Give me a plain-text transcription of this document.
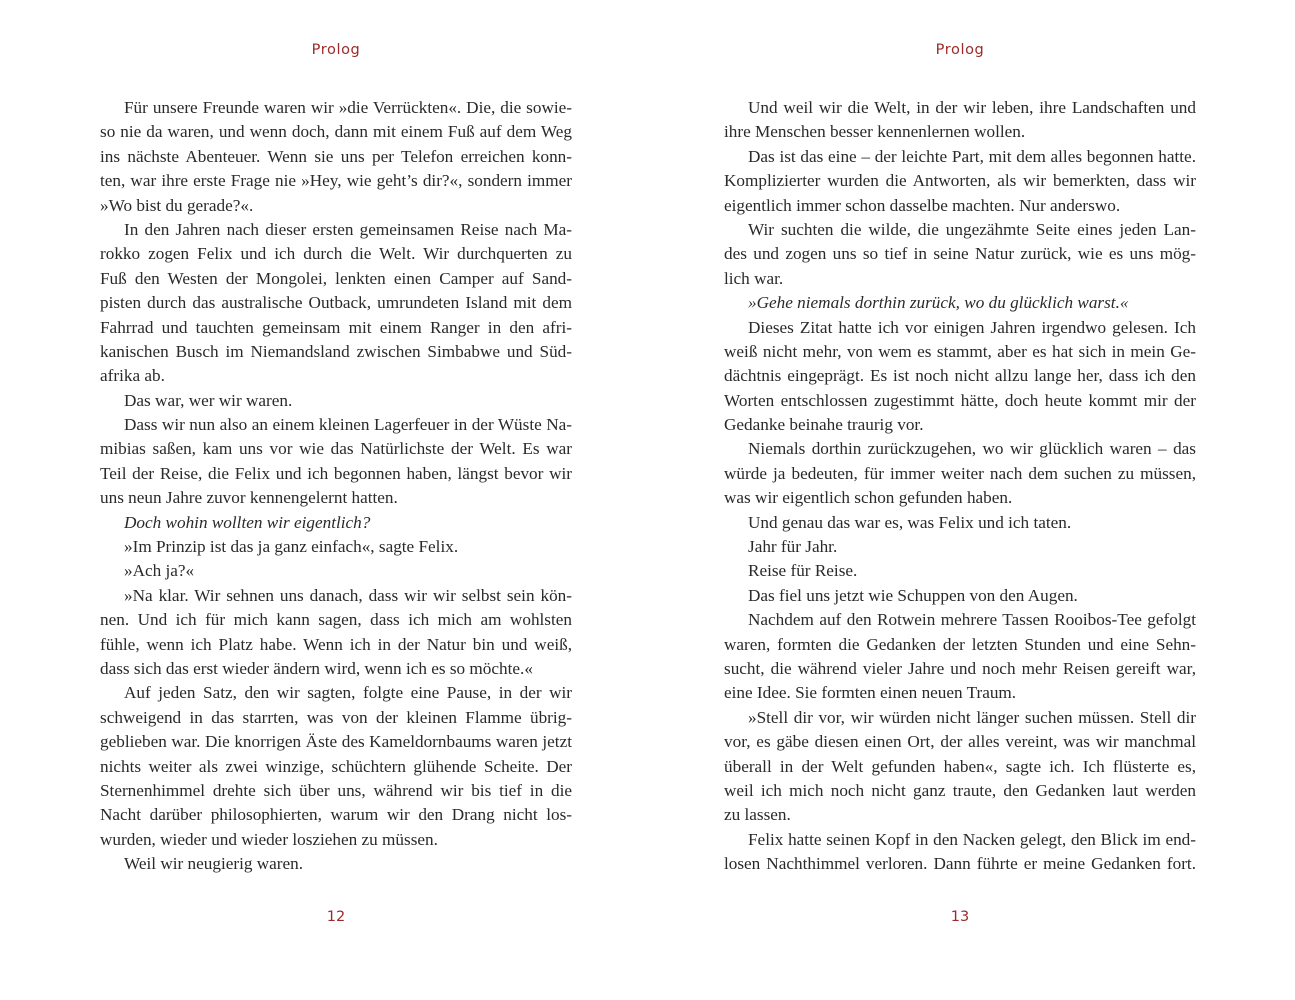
Prolog
Für unsere Freunde waren wir »die Verrückten«. Die, die sowie-
so nie da waren, und wenn doch, dann mit einem Fuß auf dem Weg
ins nächste Abenteuer. Wenn sie uns per Telefon erreichen konn-
ten, war ihre erste Frage nie »Hey, wie geht’s dir?«, sondern immer
»Wo bist du gerade?«.
In den Jahren nach dieser ersten gemeinsamen Reise nach Ma-
rokko zogen Felix und ich durch die Welt. Wir durchquerten zu
Fuß den Westen der Mongolei, lenkten einen Camper auf Sand-
pisten durch das australische Outback, umrundeten Island mit dem
Fahrrad und tauchten gemeinsam mit einem Ranger in den afri-
kanischen Busch im Niemandsland zwischen Simbabwe und Süd-
afrika ab.
Das war, wer wir waren.
Dass wir nun also an einem kleinen Lagerfeuer in der Wüste Na-
mibias saßen, kam uns vor wie das Natürlichste der Welt. Es war
Teil der Reise, die Felix und ich begonnen haben, längst bevor wir
uns neun Jahre zuvor kennengelernt hatten.
Doch wohin wollten wir eigentlich?
»Im Prinzip ist das ja ganz einfach«, sagte Felix.
»Ach ja?«
»Na klar. Wir sehnen uns danach, dass wir wir selbst sein kön-
nen. Und ich für mich kann sagen, dass ich mich am wohlsten
fühle, wenn ich Platz habe. Wenn ich in der Natur bin und weiß,
dass sich das erst wieder ändern wird, wenn ich es so möchte.«
Auf jeden Satz, den wir sagten, folgte eine Pause, in der wir
schweigend in das starrten, was von der kleinen Flamme übrig-
geblieben war. Die knorrigen Äste des Kameldornbaums waren jetzt
nichts weiter als zwei winzige, schüchtern glühende Scheite. Der
Sternenhimmel drehte sich über uns, während wir bis tief in die
Nacht darüber philosophierten, warum wir den Drang nicht los-
wurden, wieder und wieder losziehen zu müssen.
Weil wir neugierig waren.
12
Prolog
Und weil wir die Welt, in der wir leben, ihre Landschaften und
ihre Menschen besser kennenlernen wollen.
Das ist das eine – der leichte Part, mit dem alles begonnen hatte.
Komplizierter wurden die Antworten, als wir bemerkten, dass wir
eigentlich immer schon dasselbe machten. Nur anderswo.
Wir suchten die wilde, die ungezähmte Seite eines jeden Lan-
des und zogen uns so tief in seine Natur zurück, wie es uns mög-
lich war.
»Gehe niemals dorthin zurück, wo du glücklich warst.«
Dieses Zitat hatte ich vor einigen Jahren irgendwo gelesen. Ich
weiß nicht mehr, von wem es stammt, aber es hat sich in mein Ge-
dächtnis eingeprägt. Es ist noch nicht allzu lange her, dass ich den
Worten entschlossen zugestimmt hätte, doch heute kommt mir der
Gedanke beinahe traurig vor.
Niemals dorthin zurückzugehen, wo wir glücklich waren – das
würde ja bedeuten, für immer weiter nach dem suchen zu müssen,
was wir eigentlich schon gefunden haben.
Und genau das war es, was Felix und ich taten.
Jahr für Jahr.
Reise für Reise.
Das fiel uns jetzt wie Schuppen von den Augen.
Nachdem auf den Rotwein mehrere Tassen Rooibos-Tee gefolgt
waren, formten die Gedanken der letzten Stunden und eine Sehn-
sucht, die während vieler Jahre und noch mehr Reisen gereift war,
eine Idee. Sie formten einen neuen Traum.
»Stell dir vor, wir würden nicht länger suchen müssen. Stell dir
vor, es gäbe diesen einen Ort, der alles vereint, was wir manchmal
überall in der Welt gefunden haben«, sagte ich. Ich flüsterte es,
weil ich mich noch nicht ganz traute, den Gedanken laut werden
zu lassen.
Felix hatte seinen Kopf in den Nacken gelegt, den Blick im end-
losen Nachthimmel verloren. Dann führte er meine Gedanken fort.
13
